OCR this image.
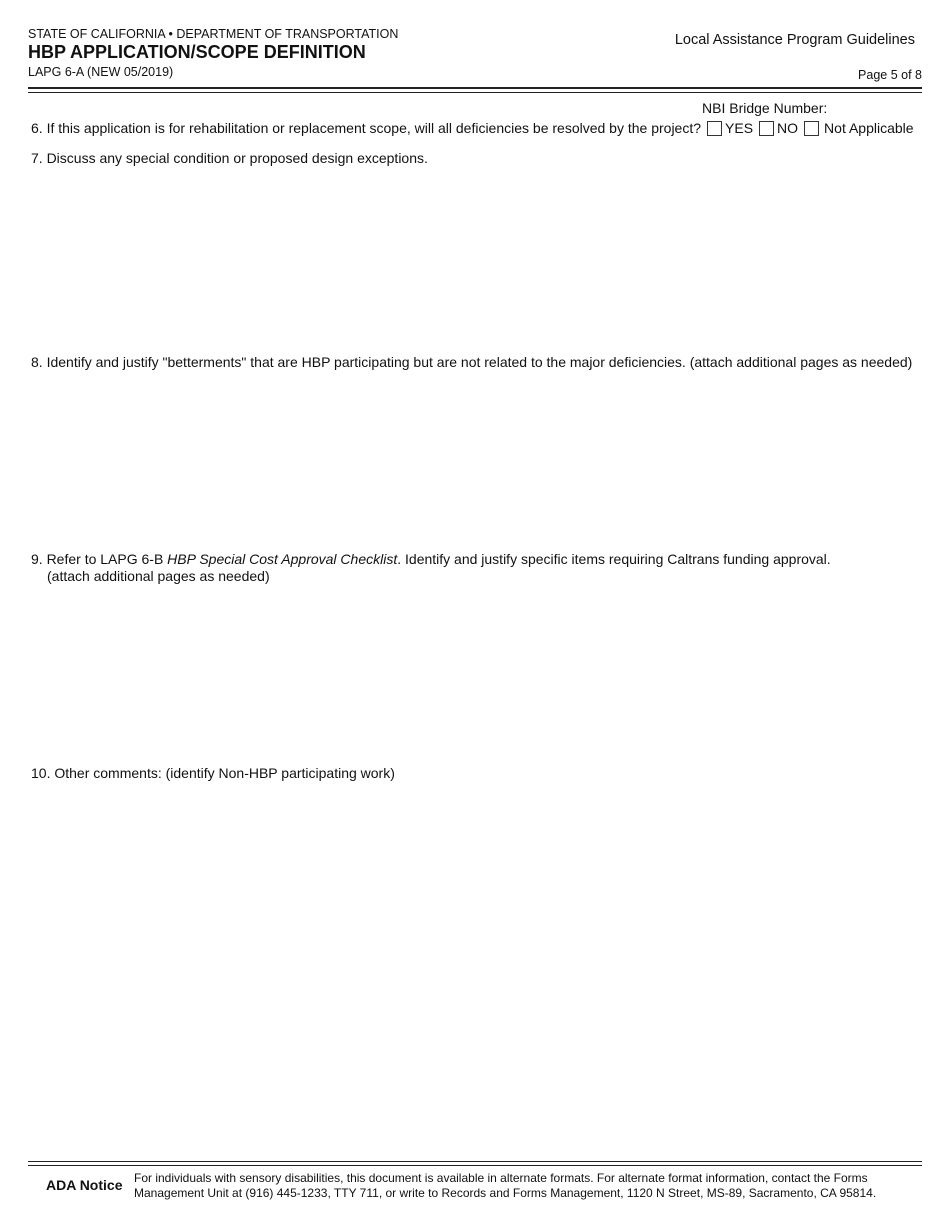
STATE OF CALIFORNIA • DEPARTMENT OF TRANSPORTATION
HBP APPLICATION/SCOPE DEFINITION
LAPG 6-A (NEW 05/2019)
Local Assistance Program Guidelines
Page 5 of 8
NBI Bridge Number:
6. If this application is for rehabilitation or replacement scope, will all deficiencies be resolved by the project? YES NO Not Applicable
7. Discuss any special condition or proposed design exceptions.
8. Identify and justify "betterments" that are HBP participating but are not related to the major deficiencies. (attach additional pages as needed)
9. Refer to LAPG 6-B HBP Special Cost Approval Checklist. Identify and justify specific items requiring Caltrans funding approval.
(attach additional pages as needed)
10. Other comments: (identify Non-HBP participating work)
ADA Notice For individuals with sensory disabilities, this document is available in alternate formats. For alternate format information, contact the Forms
Management Unit at (916) 445-1233, TTY 711, or write to Records and Forms Management, 1120 N Street, MS-89, Sacramento, CA 95814.
